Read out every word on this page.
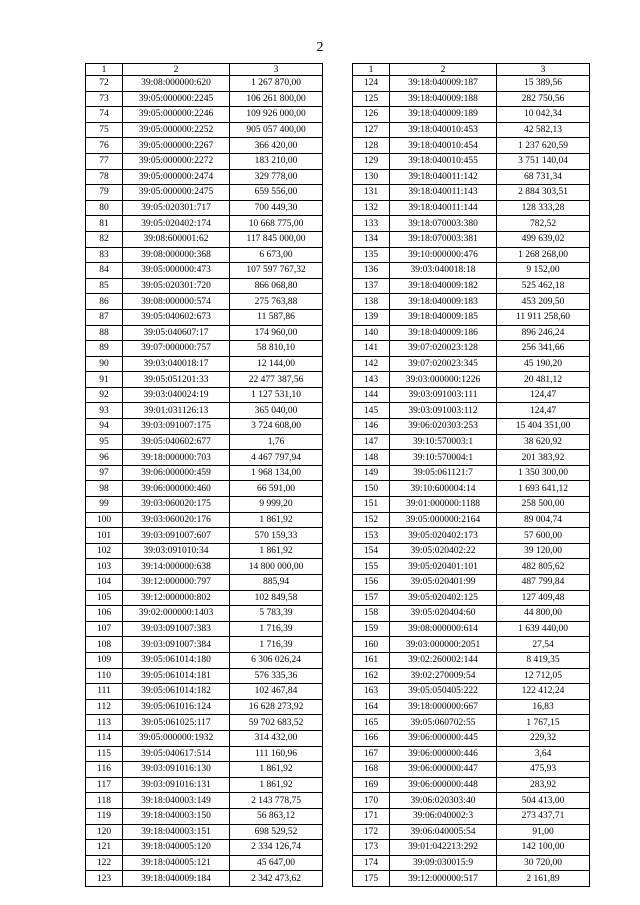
2
1	2	3
72	39:08:000000:620	1 267 870,00
73	39:05:000000:2245	106 261 800,00
74	39:05:000000:2246	109 926 000,00
75	39:05:000000:2252	905 057 400,00
76	39:05:000000:2267	366 420,00
77	39:05:000000:2272	183 210,00
78	39:05:000000:2474	329 778,00
79	39:05:000000:2475	659 556,00
80	39:05:020301:717	700 449,30
81	39:05:020402:174	10 668 775,00
82	39:08:600001:62	117 845 000,00
83	39:08:000000:368	6 673,00
84	39:05:000000:473	107 597 767,32
85	39:05:020301:720	866 068,80
86	39:08:000000:574	275 763,88
87	39:05:040602:673	11 587,86
88	39:05:040607:17	174 960,00
89	39:07:000000:757	58 810,10
90	39:03:040018:17	12 144,00
91	39:05:051201:33	22 477 387,56
92	39:03:040024:19	1 127 531,10
93	39:01:031126:13	365 040,00
94	39:03:091007:175	3 724 608,00
95	39:05:040602:677	1,76
96	39:18:000000:703	4 467 797,94
97	39:06:000000:459	1 968 134,00
98	39:06:000000:460	66 591,00
99	39:03:060020:175	9 999,20
100	39:03:060020:176	1 861,92
101	39:03:091007:607	570 159,33
102	39:03:091010:34	1 861,92
103	39:14:000000:638	14 800 000,00
104	39:12:000000:797	885,94
105	39:12:000000:802	102 849,58
106	39:02:000000:1403	5 783,39
107	39:03:091007:383	1 716,39
108	39:03:091007:384	1 716,39
109	39:05:061014:180	6 306 026,24
110	39:05:061014:181	576 335,36
111	39:05:061014:182	102 467,84
112	39:05:061016:124	16 628 273,92
113	39:05:061025:117	59 702 683,52
114	39:05:000000:1932	314 432,00
115	39:05:040617:514	111 160,96
116	39:03:091016:130	1 861,92
117	39:03:091016:131	1 861,92
118	39:18:040003:149	2 143 778,75
119	39:18:040003:150	56 863,12
120	39:18:040003:151	698 529,52
121	39:18:040005:120	2 334 126,74
122	39:18:040005:121	45 647,00
123	39:18:040009:184	2 342 473,62
1	2	3
124	39:18:040009:187	15 389,56
125	39:18:040009:188	282 750,56
126	39:18:040009:189	10 042,34
127	39:18:040010:453	42 582,13
128	39:18:040010:454	1 237 620,59
129	39:18:040010:455	3 751 140,04
130	39:18:040011:142	68 731,34
131	39:18:040011:143	2 884 303,51
132	39:18:040011:144	128 333,28
133	39:18:070003:380	782,52
134	39:18:070003:381	499 639,02
135	39:10:000000:476	1 268 268,00
136	39:03:040018:18	9 152,00
137	39:18:040009:182	525 462,18
138	39:18:040009:183	453 209,50
139	39:18:040009:185	11 911 258,60
140	39:18:040009:186	896 246,24
141	39:07:020023:128	256 341,66
142	39:07:020023:345	45 190,20
143	39:03:000000:1226	20 481,12
144	39:03:091003:111	124,47
145	39:03:091003:112	124,47
146	39:06:020303:253	15 404 351,00
147	39:10:570003:1	38 620,92
148	39:10:570004:1	201 383,92
149	39:05:061121:7	1 350 300,00
150	39:10:600004:14	1 693 641,12
151	39:01:000000:1188	258 500,00
152	39:05:000000:2164	89 004,74
153	39:05:020402:173	57 600,00
154	39:05:020402:22	39 120,00
155	39:05:020401:101	482 805,62
156	39:05:020401:99	487 799,84
157	39:05:020402:125	127 409,48
158	39:05:020404:60	44 800,00
159	39:08:000000:614	1 639 440,00
160	39:03:000000:2051	27,54
161	39:02:260002:144	8 419,35
162	39:02:270009:54	12 712,05
163	39:05:050405:222	122 412,24
164	39:18:000000:667	16,83
165	39:05:060702:55	1 767,15
166	39:06:000000:445	229,32
167	39:06:000000:446	3,64
168	39:06:000000:447	475,93
169	39:06:000000:448	283,92
170	39:06:020303:40	504 413,00
171	39:06:040002:3	273 437,71
172	39:06:040005:54	91,00
173	39:01:042213:292	142 100,00
174	39:09:030015:9	30 720,00
175	39:12:000000:517	2 161,89
